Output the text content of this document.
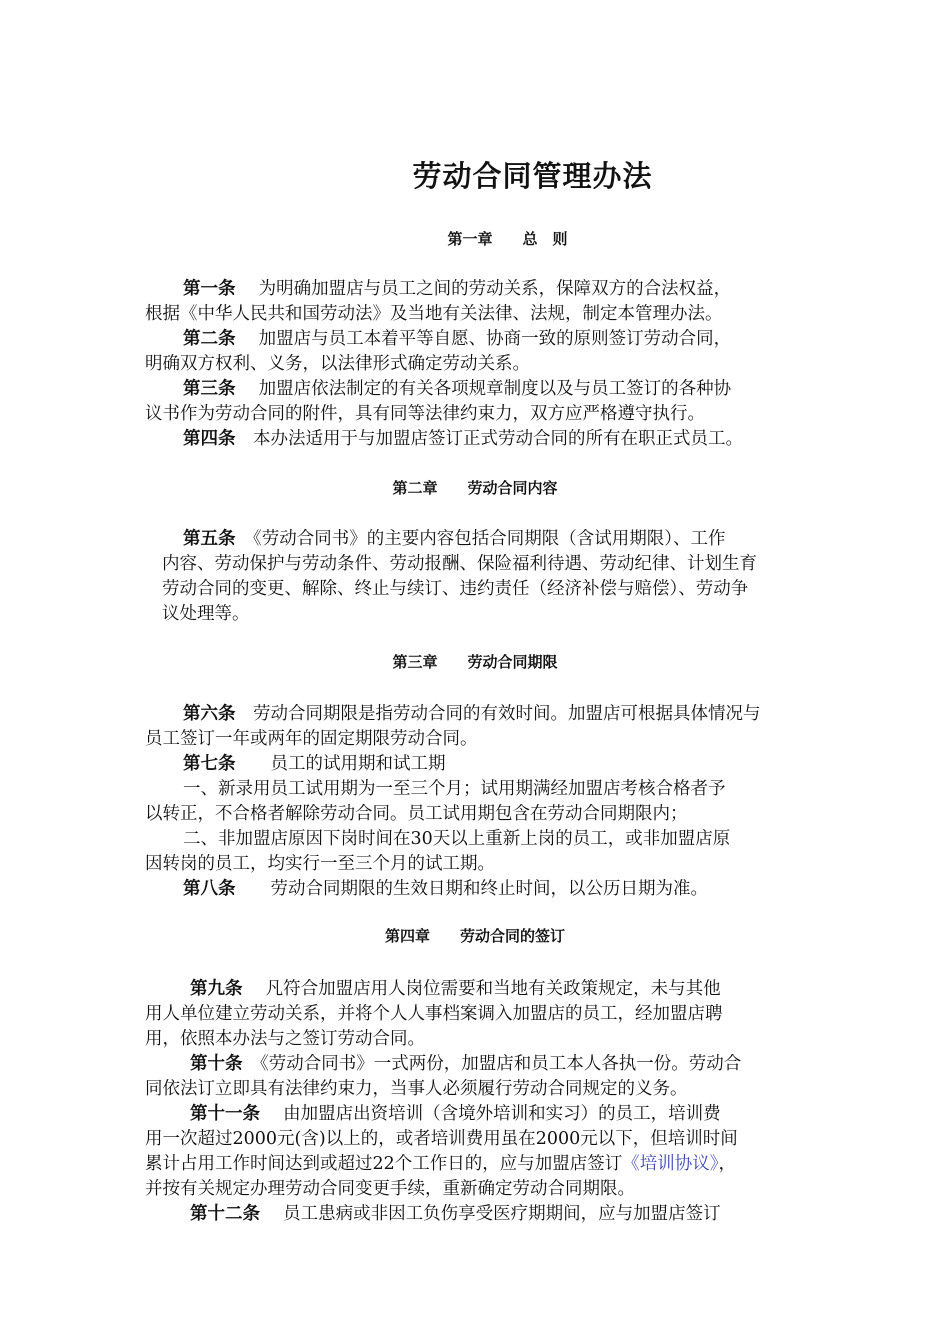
劳动合同管理办法
第一章　　总　则
第一条　 为明确加盟店与员工之间的劳动关系，保障双方的合法权益，
根据《中华人民共和国劳动法》及当地有关法律、法规，制定本管理办法。
第二条　 加盟店与员工本着平等自愿、协商一致的原则签订劳动合同，
明确双方权利、义务，以法律形式确定劳动关系。
第三条　 加盟店依法制定的有关各项规章制度以及与员工签订的各种协
议书作为劳动合同的附件，具有同等法律约束力，双方应严格遵守执行。
第四条　 本办法适用于与加盟店签订正式劳动合同的所有在职正式员工。
第二章　　劳动合同内容
第五条　 《劳动合同书》的主要内容包括合同期限（含试用期限）、工作
内容、劳动保护与劳动条件、劳动报酬、保险福利待遇、劳动纪律、计划生育
劳动合同的变更、解除、终止与续订、违约责任（经济补偿与赔偿）、劳动争
议处理等。
第三章　　劳动合同期限
第六条　 劳动合同期限是指劳动合同的有效时间。加盟店可根据具体情况与
员工签订一年或两年的固定期限劳动合同。
第七条　　 员工的试用期和试工期
一、新录用员工试用期为一至三个月；试用期满经加盟店考核合格者予
以转正，不合格者解除劳动合同。员工试用期包含在劳动合同期限内；
二、非加盟店原因下岗时间在30天以上重新上岗的员工，或非加盟店原
因转岗的员工，均实行一至三个月的试工期。
第八条　　 劳动合同期限的生效日期和终止时间，以公历日期为准。
第四章　　劳动合同的签订
第九条　 凡符合加盟店用人岗位需要和当地有关政策规定，未与其他
用人单位建立劳动关系，并将个人人事档案调入加盟店的员工，经加盟店聘
用，依照本办法与之签订劳动合同。
第十条　 《劳动合同书》一式两份，加盟店和员工本人各执一份。劳动合
同依法订立即具有法律约束力，当事人必须履行劳动合同规定的义务。
第十一条　 由加盟店出资培训（含境外培训和实习）的员工，培训费
用一次超过2000元(含)以上的，或者培训费用虽在2000元以下，但培训时间
累计占用工作时间达到或超过22个工作日的，应与加盟店签订《培训协议》，
并按有关规定办理劳动合同变更手续，重新确定劳动合同期限。
第十二条　 员工患病或非因工负伤享受医疗期期间，应与加盟店签订
